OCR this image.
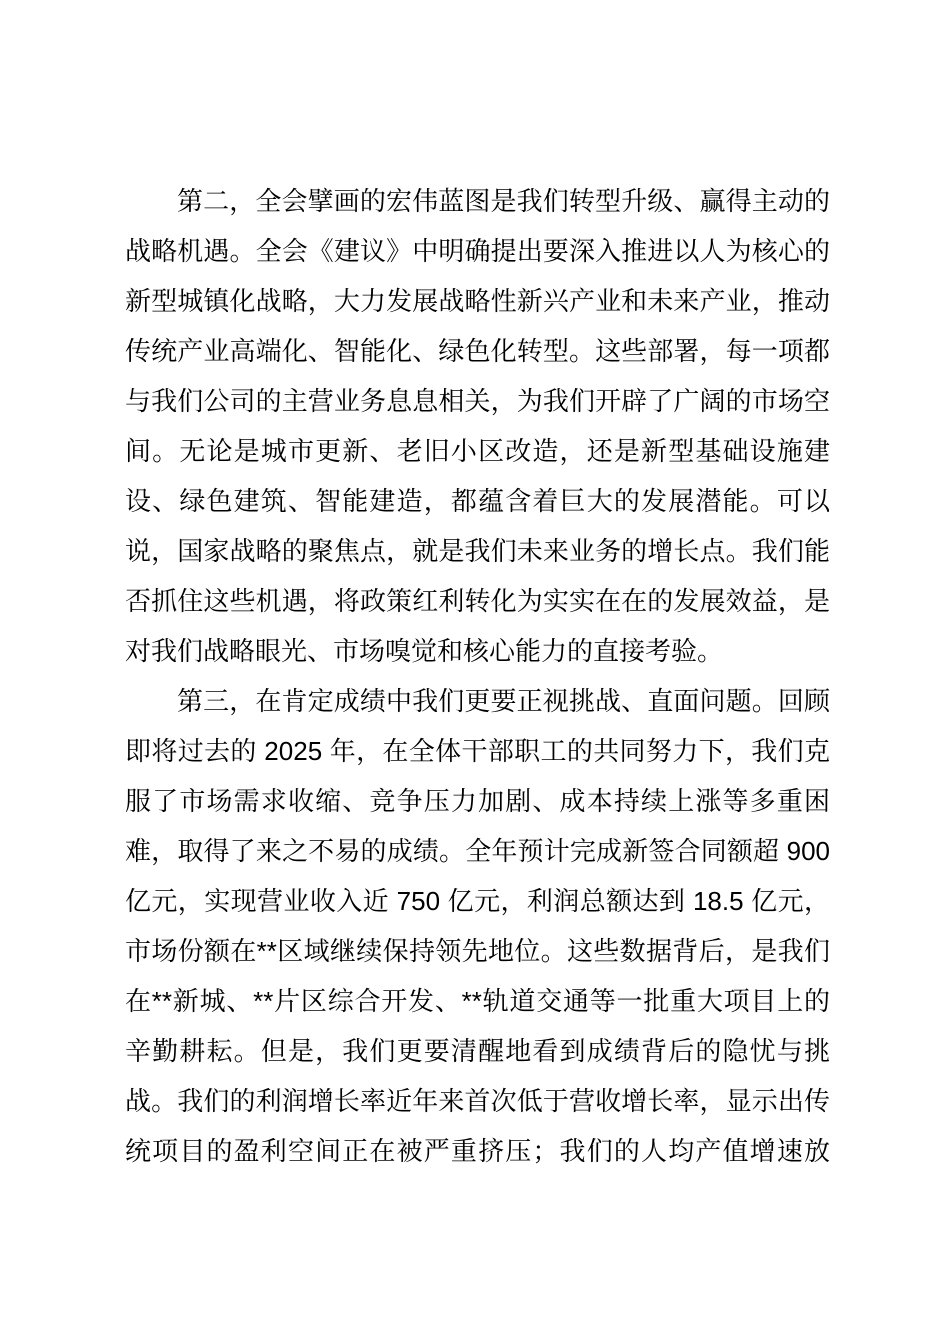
第二，全会擘画的宏伟蓝图是我们转型升级、赢得主动的
战略机遇。全会《建议》中明确提出要深入推进以人为核心的
新型城镇化战略，大力发展战略性新兴产业和未来产业，推动
传统产业高端化、智能化、绿色化转型。这些部署，每一项都
与我们公司的主营业务息息相关，为我们开辟了广阔的市场空
间。无论是城市更新、老旧小区改造，还是新型基础设施建
设、绿色建筑、智能建造，都蕴含着巨大的发展潜能。可以
说，国家战略的聚焦点，就是我们未来业务的增长点。我们能
否抓住这些机遇，将政策红利转化为实实在在的发展效益，是
对我们战略眼光、市场嗅觉和核心能力的直接考验。
第三，在肯定成绩中我们更要正视挑战、直面问题。回顾
即将过去的 2025 年，在全体干部职工的共同努力下，我们克
服了市场需求收缩、竞争压力加剧、成本持续上涨等多重困
难，取得了来之不易的成绩。全年预计完成新签合同额超 900
亿元，实现营业收入近 750 亿元，利润总额达到 18.5 亿元，
市场份额在**区域继续保持领先地位。这些数据背后，是我们
在**新城、**片区综合开发、**轨道交通等一批重大项目上的
辛勤耕耘。但是，我们更要清醒地看到成绩背后的隐忧与挑
战。我们的利润增长率近年来首次低于营收增长率，显示出传
统项目的盈利空间正在被严重挤压；我们的人均产值增速放
